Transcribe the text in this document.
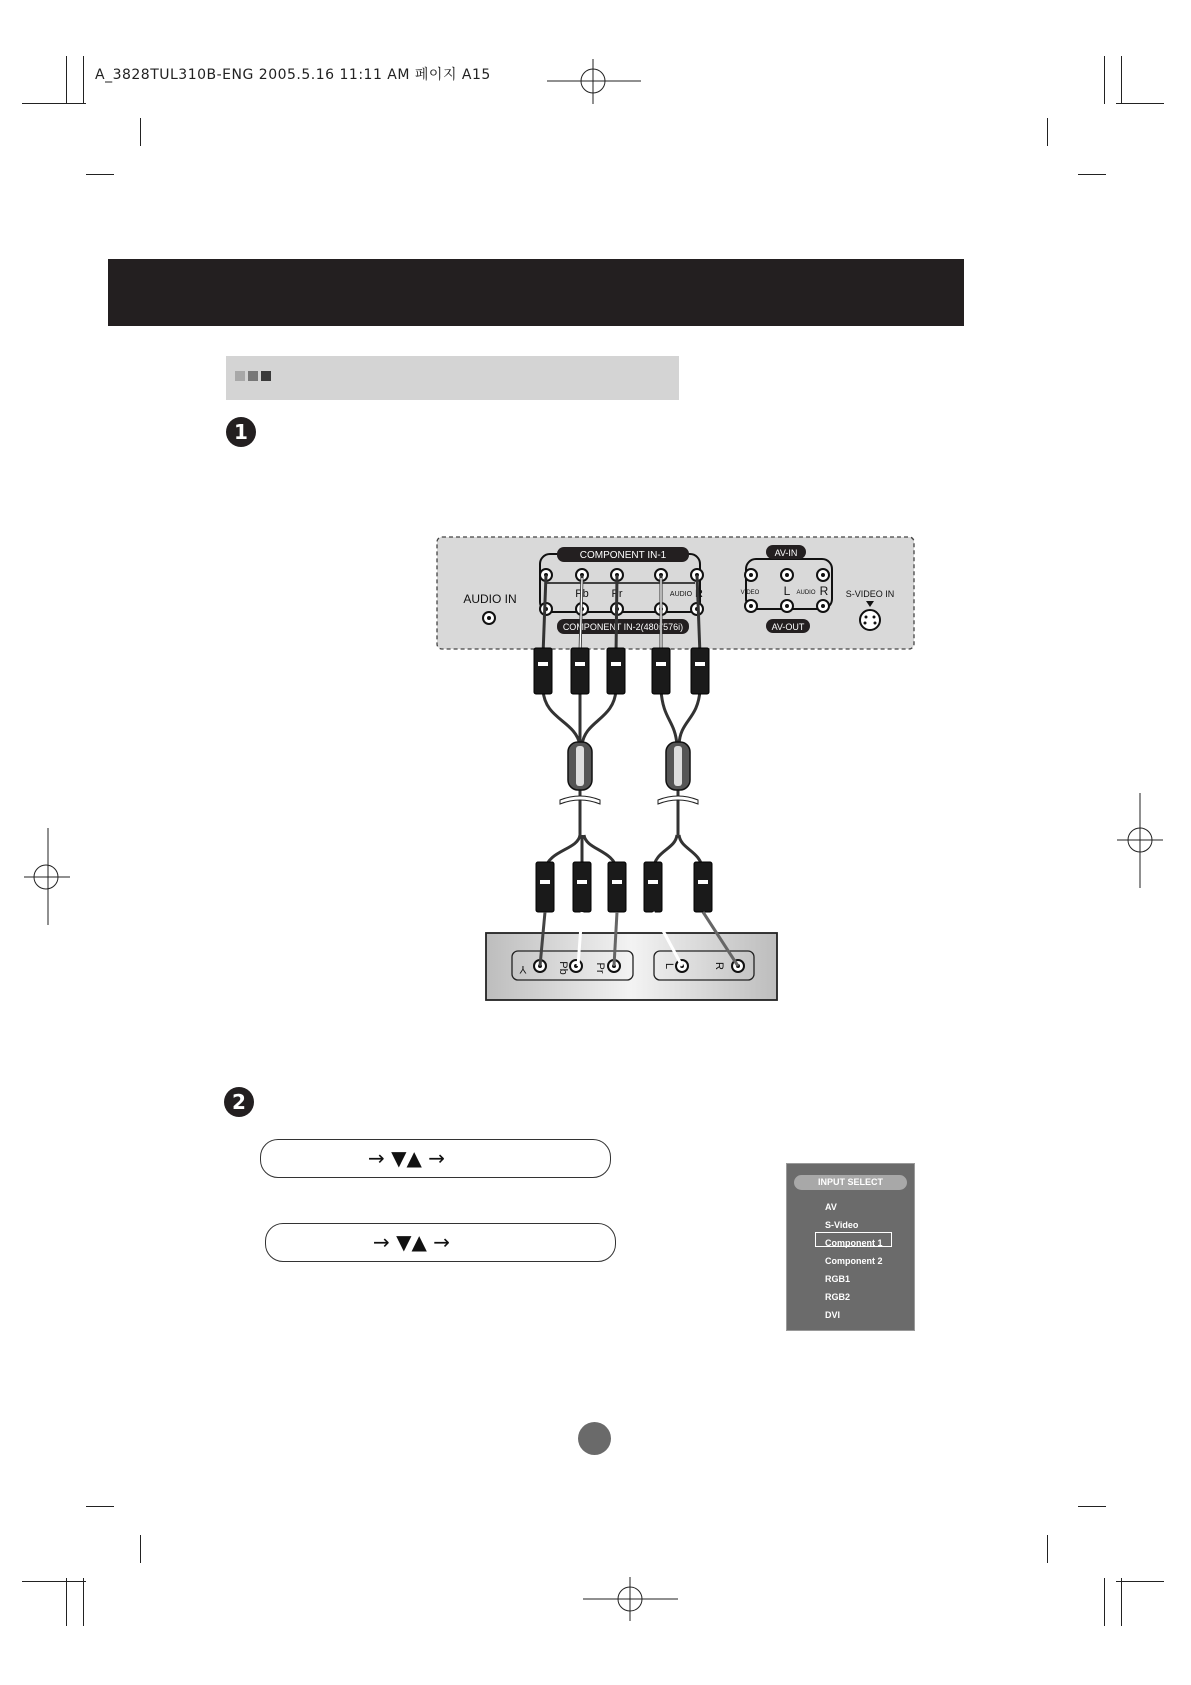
A_3828TUL310B-ENG 2005.5.16 11:11 AM 페이지 A15
1
2
COMPONENT IN-1
COMPONENT IN-2(480i/576i)
Pb Pr	AUDIO R
AUDIO IN
AV-IN
AV-OUT
VIDEO L AUDIO R S-VIDEO IN
Y	Pb Pr	L	R
→ ▼▲ →
→ ▼▲ →
INPUT SELECT
AV
S-Video
Component 1
Component 2
RGB1
RGB2
DVI
